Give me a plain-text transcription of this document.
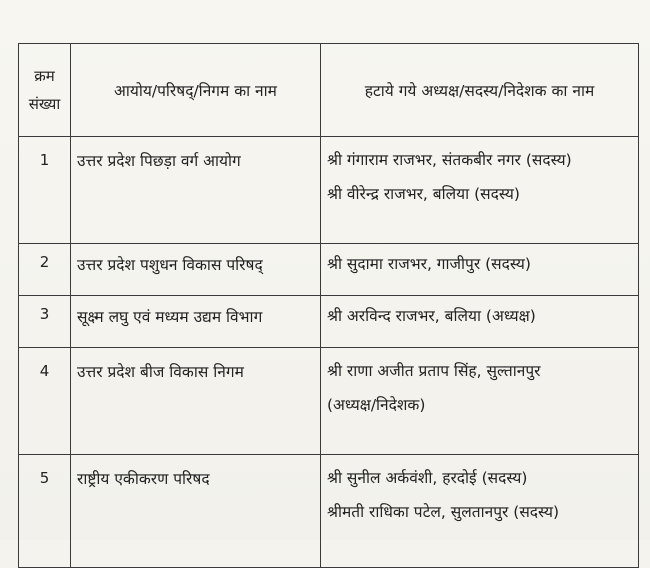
क्रम
संख्या	आयोय/परिषद्/निगम का नाम	हटाये गये अध्यक्ष/सदस्य/निदेशक का नाम

1	उत्तर प्रदेश पिछड़ा वर्ग आयोग	श्री गंगाराम राजभर, संतकबीर नगर (सदस्य)
श्री वीरेन्द्र राजभर, बलिया (सदस्य)

2	उत्तर प्रदेश पशुधन विकास परिषद्	श्री सुदामा राजभर, गाजीपुर (सदस्य)

3	सूक्ष्म लघु एवं मध्यम उद्यम विभाग	श्री अरविन्द राजभर, बलिया (अध्यक्ष)

4	उत्तर प्रदेश बीज विकास निगम	श्री राणा अजीत प्रताप सिंह, सुल्तानपुर
(अध्यक्ष/निदेशक)

5	राष्ट्रीय एकीकरण परिषद	श्री सुनील अर्कवंशी, हरदोई (सदस्य)
श्रीमती राधिका पटेल, सुलतानपुर (सदस्य)
